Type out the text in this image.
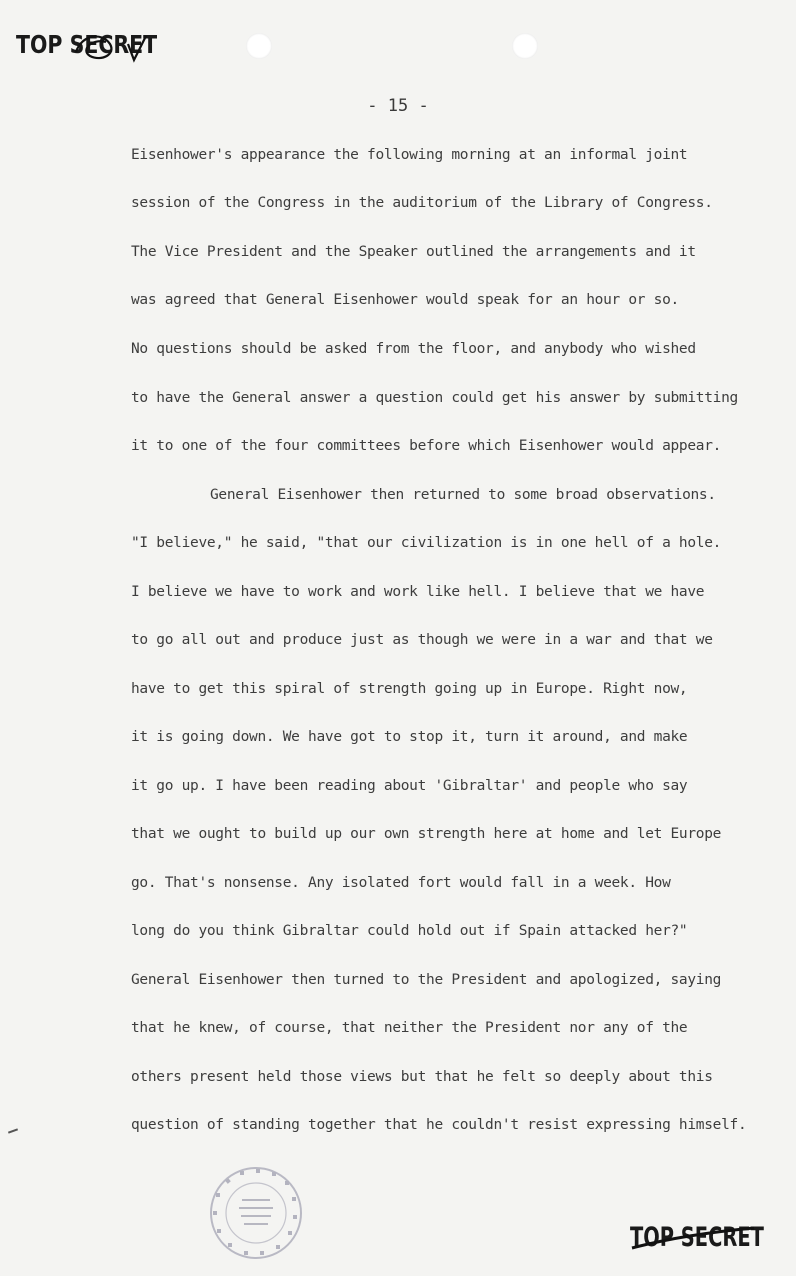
TOP SECRET
- 15 -
Eisenhower's appearance the following morning at an informal joint
session of the Congress in the auditorium of the Library of Congress.
The Vice President and the Speaker outlined the arrangements and it
was agreed that General Eisenhower would speak for an hour or so.
No questions should be asked from the floor, and anybody who wished
to have the General answer a question could get his answer by submitting
it to one of the four committees before which Eisenhower would appear.
General Eisenhower then returned to some broad observations.
"I believe," he said, "that our civilization is in one hell of a hole.
I believe we have to work and work like hell. I believe that we have
to go all out and produce just as though we were in a war and that we
have to get this spiral of strength going up in Europe. Right now,
it is going down. We have got to stop it, turn it around, and make
it go up. I have been reading about 'Gibraltar' and people who say
that we ought to build up our own strength here at home and let Europe
go. That's nonsense. Any isolated fort would fall in a week. How
long do you think Gibraltar could hold out if Spain attacked her?"
General Eisenhower then turned to the President and apologized, saying
that he knew, of course, that neither the President nor any of the
others present held those views but that he felt so deeply about this
question of standing together that he couldn't resist expressing himself.
TOP SECRET
